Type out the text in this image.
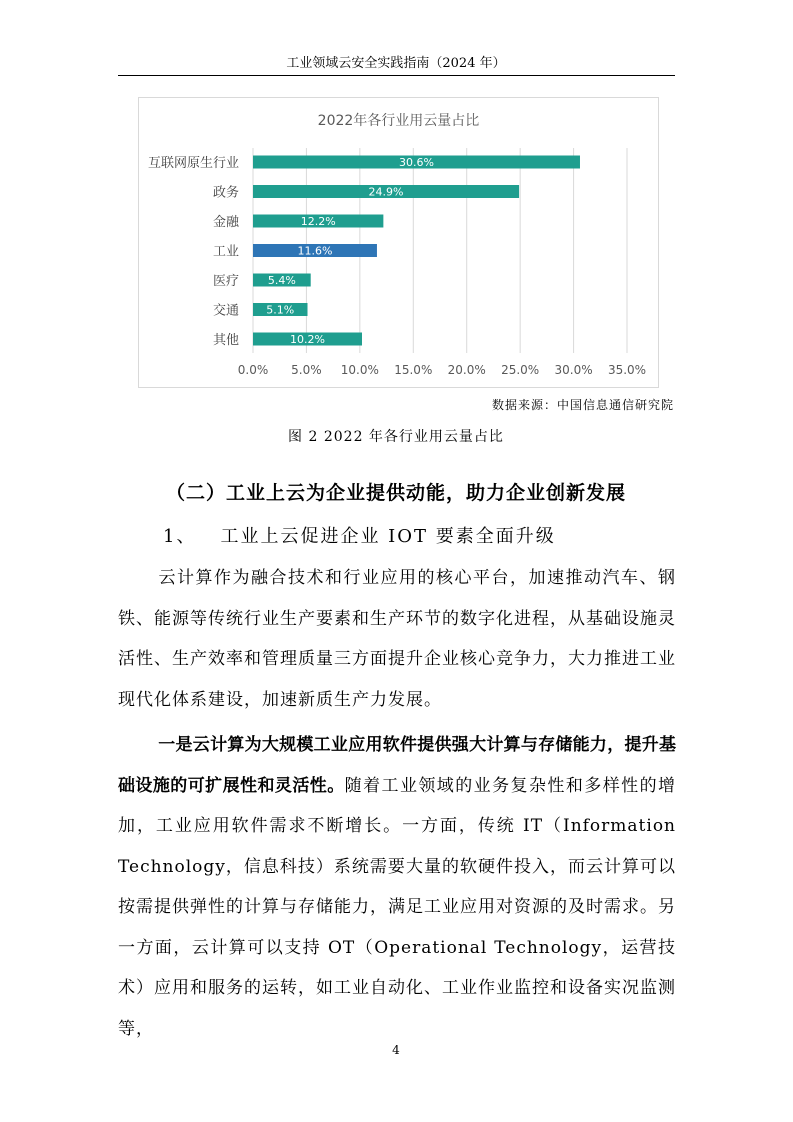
工业领域云安全实践指南（2024 年）
2022年各行业用云量占比
0.0% 5.0% 10.0% 15.0% 20.0% 25.0% 30.0% 35.0%
互联网原生行业	30.6%
政务	24.9%
金融	12.2%
工业	11.6%
医疗	5.4%
交通 5.1%
其他	10.2%
数据来源：中国信息通信研究院
图 2 2022 年各行业用云量占比
（二）工业上云为企业提供动能，助力企业创新发展
1、 工业上云促进企业 IOT 要素全面升级

云计算作为融合技术和行业应用的核心平台，加速推动汽车、钢铁、能源等传统行业生产要素和生产环节的数字化进程，从基础设施灵活性、生产效率和管理质量三方面提升企业核心竞争力，大力推进工业现代化体系建设，加速新质生产力发展。

一是云计算为大规模工业应用软件提供强大计算与存储能力，提升基础设施的可扩展性和灵活性。随着工业领域的业务复杂性和多样性的增加，工业应用软件需求不断增长。一方面，传统 IT（Information Technology，信息科技）系统需要大量的软硬件投入，而云计算可以按需提供弹性的计算与存储能力，满足工业应用对资源的及时需求。另一方面，云计算可以支持 OT（Operational Technology，运营技术）应用和服务的运转，如工业自动化、工业作业监控和设备实况监测等，

4
